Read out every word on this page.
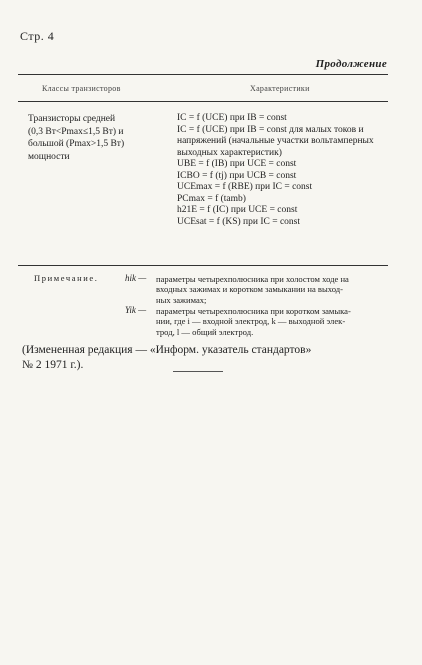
Стр. 4
Продолжение
Классы транзисторов	Характеристики
Транзисторы средней
(0,3 Вт<Pmax≤1,5 Вт) и
большой (Pmax>1,5 Вт)
мощности
IC = f (UCE) при IB = const
IC = f (UCE) при IB = const для малых токов и
напряжений (начальные участки вольтамперных
выходных характеристик)
UBE = f (IB) при UCE = const
ICBO = f (tj) при UCB = const
UCEmax = f (RBE) при IC = const
PCmax = f (tamb)
h21E = f (IC) при UCE = const
UCEsat = f (KS) при IC = const
Примечание.	hik — параметры четырехполюсника при холостом ходе на
входных зажимах и коротком замыкании на выход-
ных зажимах;
Yik — параметры четырехполюсника при коротком замыка-
нии, где i — входной электрод, k — выходной элек-
трод, l — общий электрод.
(Измененная редакция — «Информ. указатель стандартов»
№ 2 1971 г.).
